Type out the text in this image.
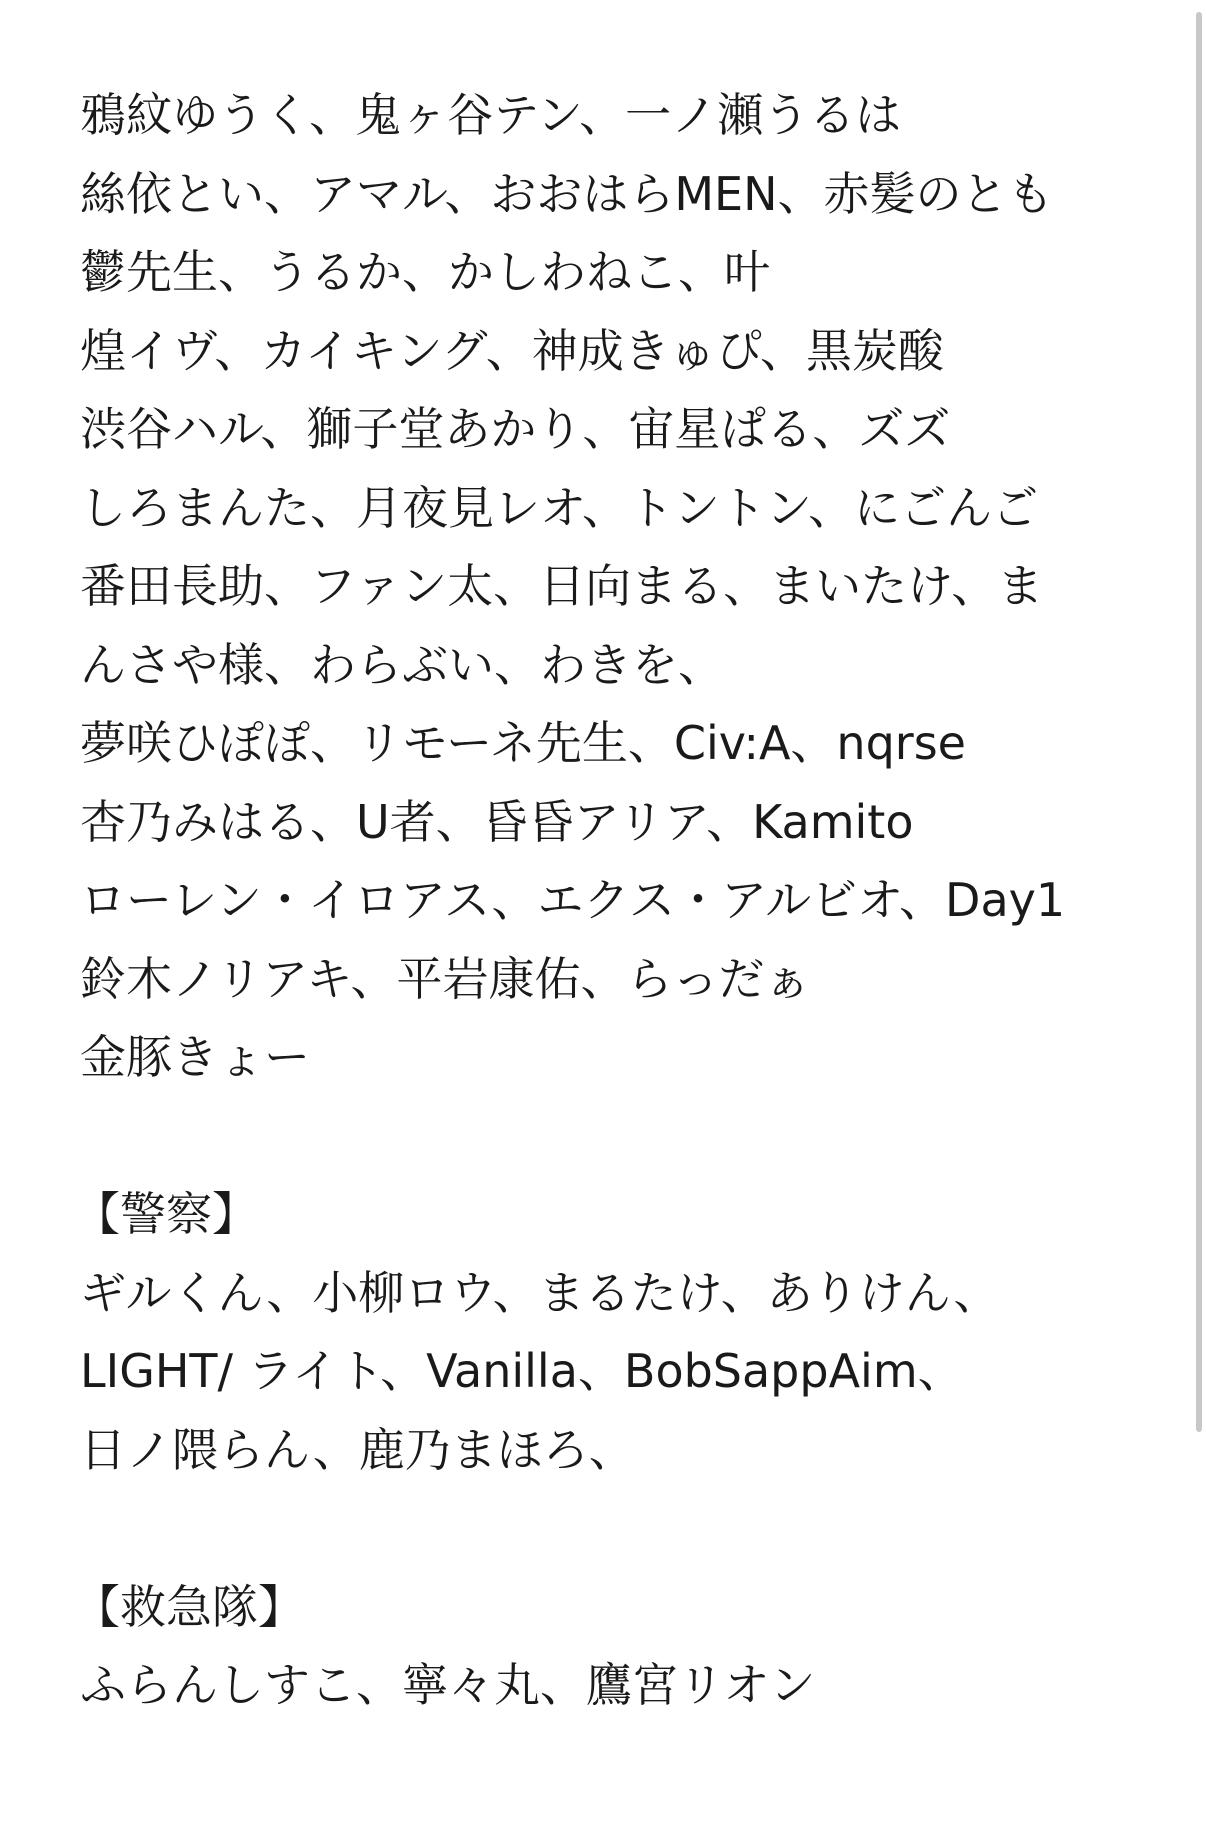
鴉紋ゆうく、鬼ヶ谷テン、一ノ瀬うるは
絲依とい、アマル、おおはらMEN、赤髪のとも
鬱先生、うるか、かしわねこ、叶
煌イヴ、カイキング、神成きゅぴ、黒炭酸
渋谷ハル、獅子堂あかり、宙星ぱる、ズズ
しろまんた、月夜見レオ、トントン、にごんご
番田長助、ファン太、日向まる、まいたけ、ま
んさや様、わらぶい、わきを、
夢咲ひぽぽ、リモーネ先生、Civ:A、nqrse
杏乃みはる、U者、昏昏アリア、Kamito
ローレン・イロアス、エクス・アルビオ、Day1
鈴木ノリアキ、平岩康佑、らっだぁ
金豚きょー
【警察】
ギルくん、小柳ロウ、まるたけ、ありけん、
LIGHT/ ライト、Vanilla、BobSappAim、
日ノ隈らん、鹿乃まほろ、
【救急隊】
ふらんしすこ、寧々丸、鷹宮リオン
